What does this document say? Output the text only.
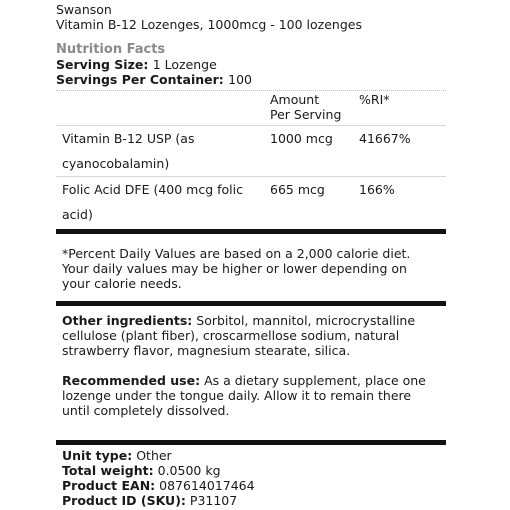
Swanson
Vitamin B-12 Lozenges, 1000mcg - 100 lozenges
Nutrition Facts
Serving Size: 1 Lozenge
Servings Per Container: 100
Amount
Per Serving
%RI*
Vitamin B-12 USP (as
cyanocobalamin)
1000 mcg	41667%
Folic Acid DFE (400 mcg folic
acid)
665 mcg	166%
*Percent Daily Values are based on a 2,000 calorie diet.
Your daily values may be higher or lower depending on
your calorie needs.
Other ingredients: Sorbitol, mannitol, microcrystalline
cellulose (plant fiber), croscarmellose sodium, natural
strawberry flavor, magnesium stearate, silica.
Recommended use: As a dietary supplement, place one
lozenge under the tongue daily. Allow it to remain there
until completely dissolved.
Unit type: Other
Total weight: 0.0500 kg
Product EAN: 087614017464
Product ID (SKU): P31107
